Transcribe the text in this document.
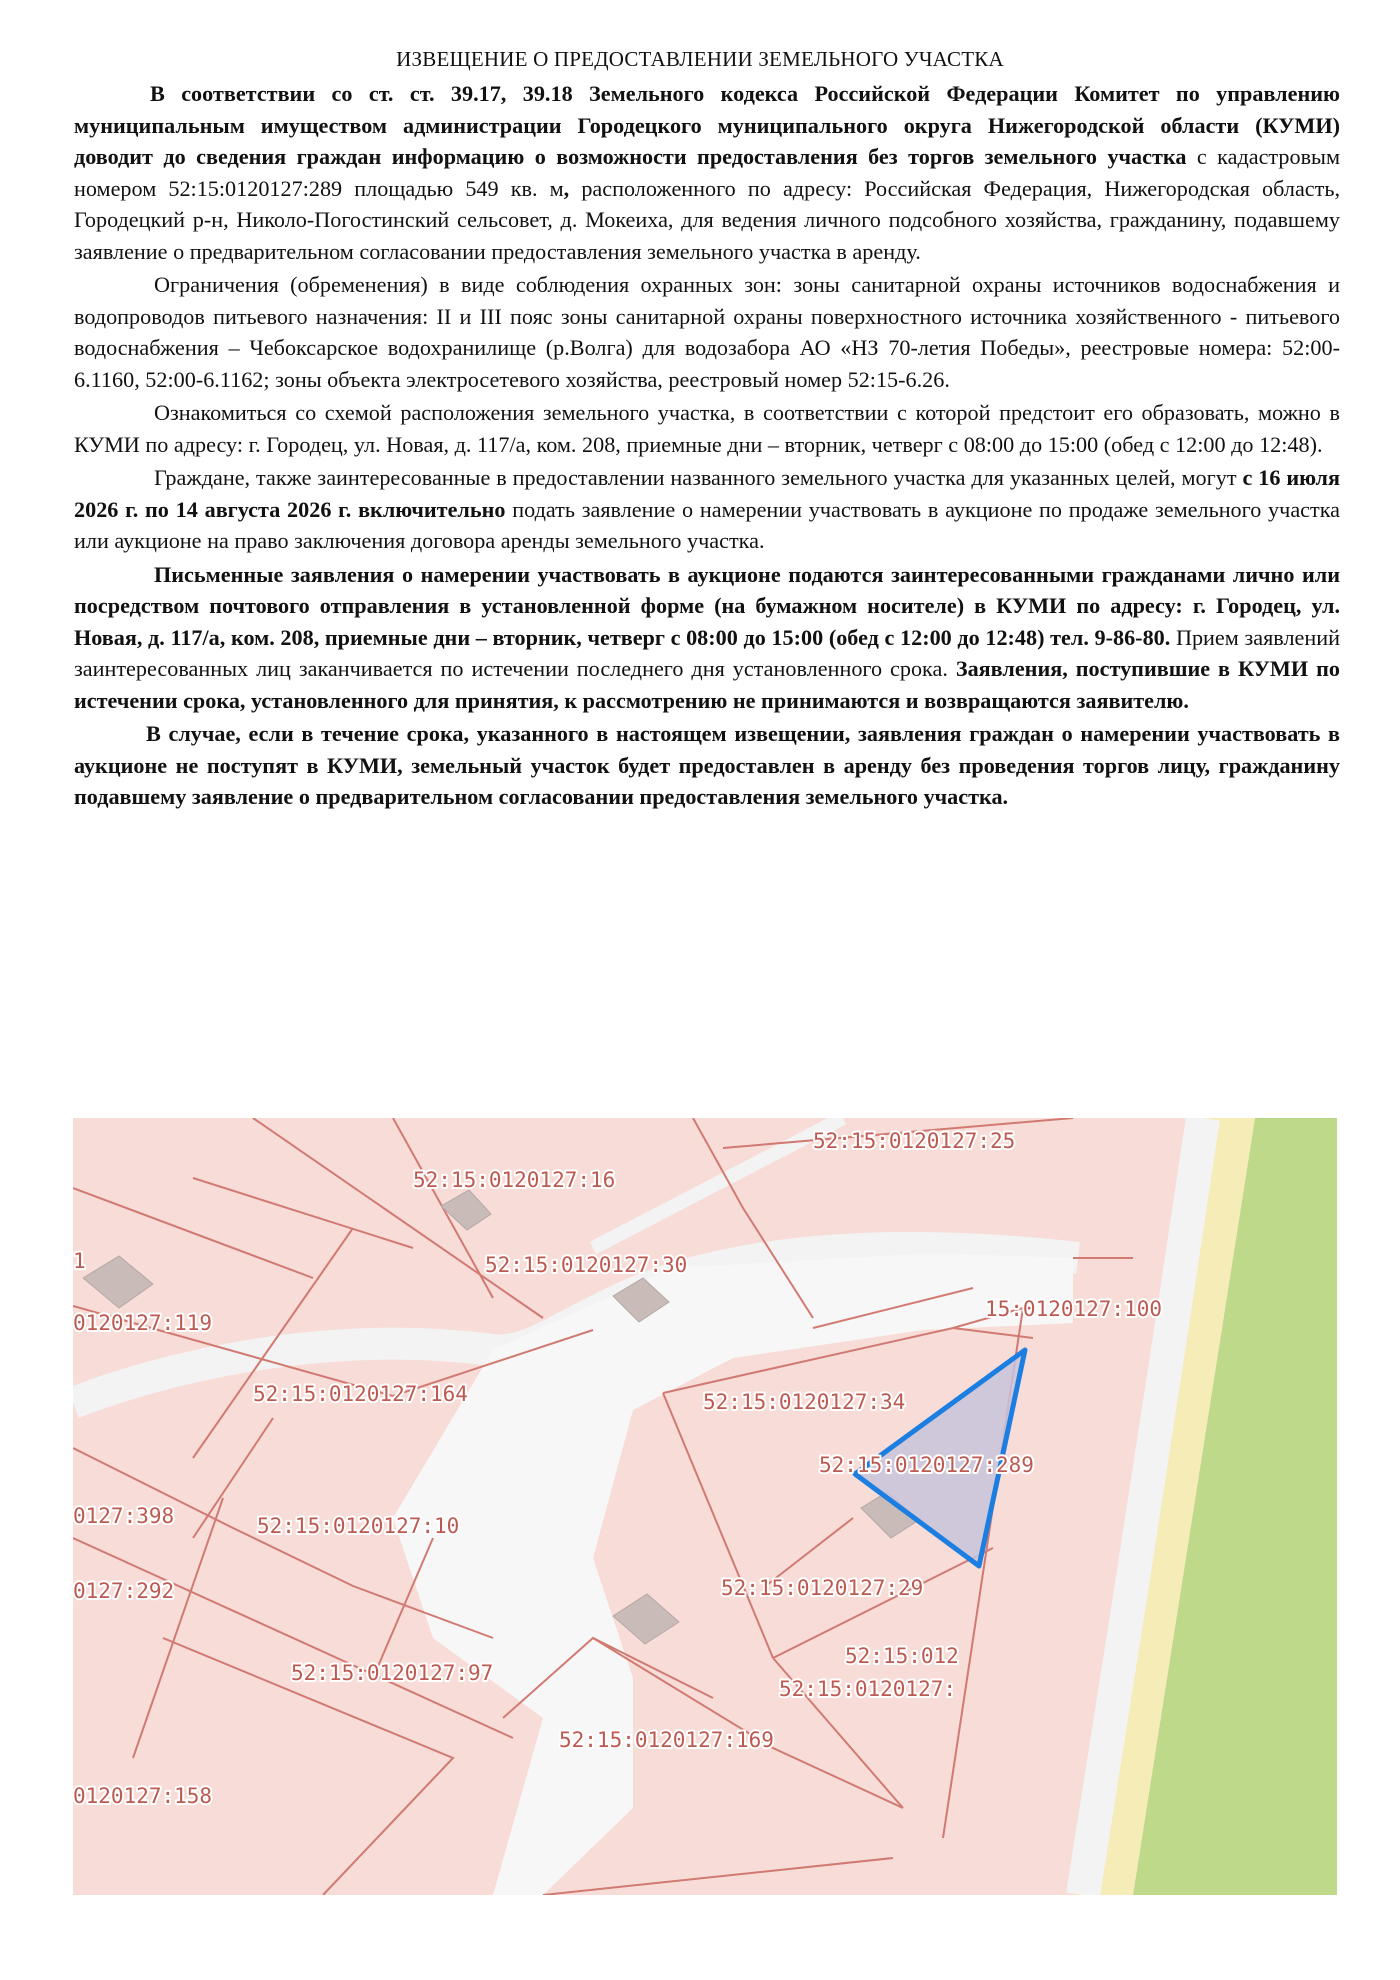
ИЗВЕЩЕНИЕ О ПРЕДОСТАВЛЕНИИ ЗЕМЕЛЬНОГО УЧАСТКА

В соответствии со ст. ст. 39.17, 39.18 Земельного кодекса Российской Федерации Комитет по управлению муниципальным имуществом администрации Городецкого муниципального округа Нижегородской области (КУМИ) доводит до сведения граждан информацию о возможности предоставления без торгов земельного участка с кадастровым номером 52:15:0120127:289 площадью 549 кв. м, расположенного по адресу: Российская Федерация, Нижегородская область, Городецкий р-н, Николо-Погостинский сельсовет, д. Мокеиха, для ведения личного подсобного хозяйства, гражданину, подавшему заявление о предварительном согласовании предоставления земельного участка в аренду.

Ограничения (обременения) в виде соблюдения охранных зон: зоны санитарной охраны источников водоснабжения и водопроводов питьевого назначения: II и III пояс зоны санитарной охраны поверхностного источника хозяйственного - питьевого водоснабжения – Чебоксарское водохранилище (р.Волга) для водозабора АО «НЗ 70-летия Победы», реестровые номера: 52:00-6.1160, 52:00-6.1162; зоны объекта электросетевого хозяйства, реестровый номер 52:15-6.26.

Ознакомиться со схемой расположения земельного участка, в соответствии с которой предстоит его образовать, можно в КУМИ по адресу: г. Городец, ул. Новая, д. 117/а, ком. 208, приемные дни – вторник, четверг с 08:00 до 15:00 (обед с 12:00 до 12:48).

Граждане, также заинтересованные в предоставлении названного земельного участка для указанных целей, могут с 16 июля 2026 г. по 14 августа 2026 г. включительно подать заявление о намерении участвовать в аукционе по продаже земельного участка или аукционе на право заключения договора аренды земельного участка.

Письменные заявления о намерении участвовать в аукционе подаются заинтересованными гражданами лично или посредством почтового отправления в установленной форме (на бумажном носителе) в КУМИ по адресу: г. Городец, ул. Новая, д. 117/а, ком. 208, приемные дни – вторник, четверг с 08:00 до 15:00 (обед с 12:00 до 12:48) тел. 9-86-80. Прием заявлений заинтересованных лиц заканчивается по истечении последнего дня установленного срока. Заявления, поступившие в КУМИ по истечении срока, установленного для принятия, к рассмотрению не принимаются и возвращаются заявителю.

В случае, если в течение срока, указанного в настоящем извещении, заявления граждан о намерении участвовать в аукционе не поступят в КУМИ, земельный участок будет предоставлен в аренду без проведения торгов лицу, гражданину подавшему заявление о предварительном согласовании предоставления земельного участка.

52:15:0120127:25
52:15:0120127:16
1	52:15:0120127:30
0120127:119
15:0120127:100
52:15:0120127:164	52:15:0120127:34
52:15:0120127:289
0127:398	52:15:0120127:10
52:15:0120127:29
0127:292
52:15:012
52:15:0120127:97
52:15:0120127:
52:15:0120127:169
0120127:158
